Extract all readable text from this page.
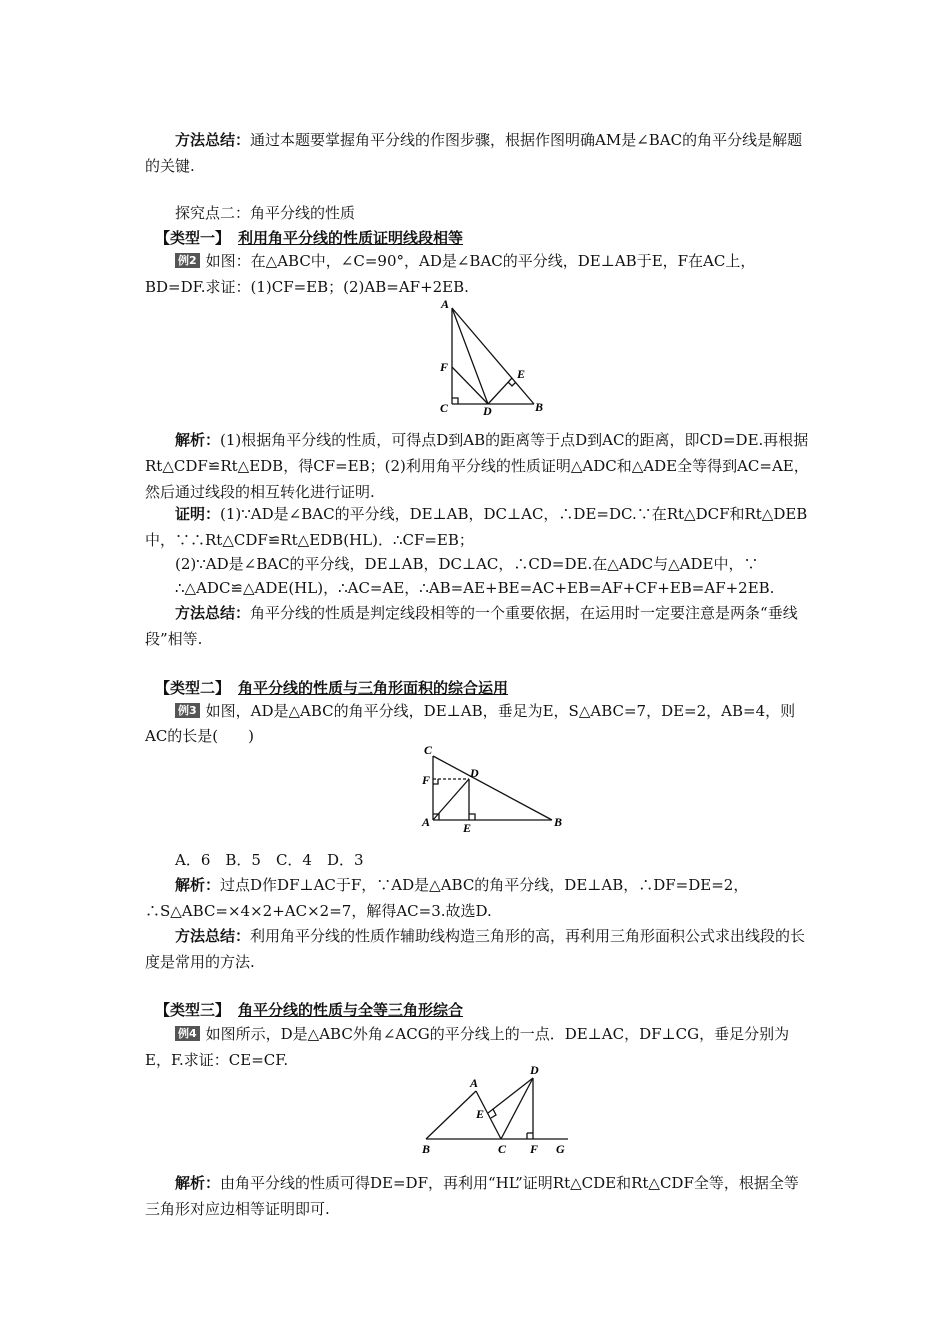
方法总结：通过本题要掌握角平分线的作图步骤，根据作图明确AM是∠BAC的角平分线是解题的关键.

探究点二：角平分线的性质
【类型一】 利用角平分线的性质证明线段相等
例2 如图：在△ABC中，∠C=90°，AD是∠BAC的平分线，DE⊥AB于E，F在AC上，
BD=DF.求证：(1)CF=EB；(2)AB=AF+2EB.
A
F	E
C	D	B

解析：(1)根据角平分线的性质，可得点D到AB的距离等于点D到AC的距离，即CD=DE.再根据Rt△CDF≌Rt△EDB，得CF=EB；(2)利用角平分线的性质证明△ADC和△ADE全等得到AC=AE，然后通过线段的相互转化进行证明.

证明：(1)∵AD是∠BAC的平分线，DE⊥AB，DC⊥AC，∴DE=DC.∵在Rt△DCF和Rt△DEB中，∵∴Rt△CDF≌Rt△EDB(HL)．∴CF=EB；

(2)∵AD是∠BAC的平分线，DE⊥AB，DC⊥AC，∴CD=DE.在△ADC与△ADE中，∵
∴△ADC≌△ADE(HL)，∴AC=AE，∴AB=AE+BE=AC+EB=AF+CF+EB=AF+2EB.

方法总结：角平分线的性质是判定线段相等的一个重要依据，在运用时一定要注意是两条“垂线段”相等.

【类型二】 角平分线的性质与三角形面积的综合运用
例3 如图，AD是△ABC的角平分线，DE⊥AB，垂足为E，S△ABC=7，DE=2，AB=4，则
AC的长是(　　)
C
F	D
A	E	B
A．6　B．5　C．4　D．3

解析：过点D作DF⊥AC于F，∵AD是△ABC的角平分线，DE⊥AB，∴DF=DE=2，∴S△ABC=×4×2+AC×2=7，解得AC=3.故选D.

方法总结：利用角平分线的性质作辅助线构造三角形的高，再利用三角形面积公式求出线段的长度是常用的方法.

【类型三】 角平分线的性质与全等三角形综合

例4 如图所示，D是△ABC外角∠ACG的平分线上的一点．DE⊥AC，DF⊥CG，垂足分别为E，F.求证：CE=CF.

A
D
E
B	C F G

解析：由角平分线的性质可得DE=DF，再利用“HL”证明Rt△CDE和Rt△CDF全等，根据全等三角形对应边相等证明即可.
